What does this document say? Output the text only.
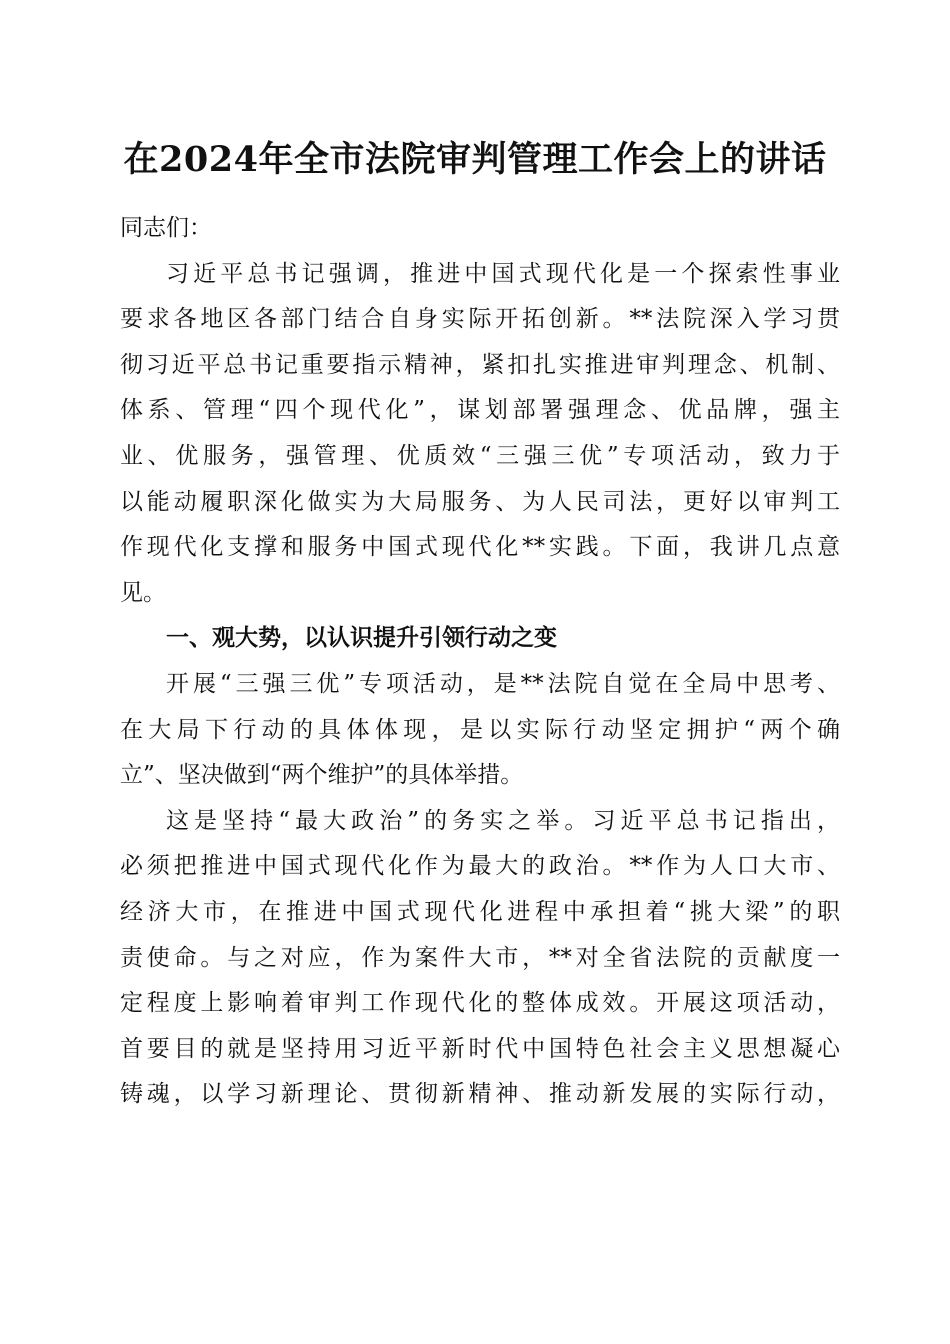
在2024年全市法院审判管理工作会上的讲话
同志们：
习近平总书记强调，推进中国式现代化是一个探索性事业
要求各地区各部门结合自身实际开拓创新。**法院深入学习贯
彻习近平总书记重要指示精神，紧扣扎实推进审判理念、机制、
体系、管理“四个现代化”，谋划部署强理念、优品牌，强主
业、优服务，强管理、优质效“三强三优”专项活动，致力于
以能动履职深化做实为大局服务、为人民司法，更好以审判工
作现代化支撑和服务中国式现代化**实践。下面，我讲几点意
见。
一、观大势，以认识提升引领行动之变
开展“三强三优”专项活动，是**法院自觉在全局中思考、
在大局下行动的具体体现，是以实际行动坚定拥护“两个确
立”、坚决做到“两个维护”的具体举措。
这是坚持“最大政治”的务实之举。习近平总书记指出，
必须把推进中国式现代化作为最大的政治。**作为人口大市、
经济大市，在推进中国式现代化进程中承担着“挑大梁”的职
责使命。与之对应，作为案件大市，**对全省法院的贡献度一
定程度上影响着审判工作现代化的整体成效。开展这项活动，
首要目的就是坚持用习近平新时代中国特色社会主义思想凝心
铸魂，以学习新理论、贯彻新精神、推动新发展的实际行动，
